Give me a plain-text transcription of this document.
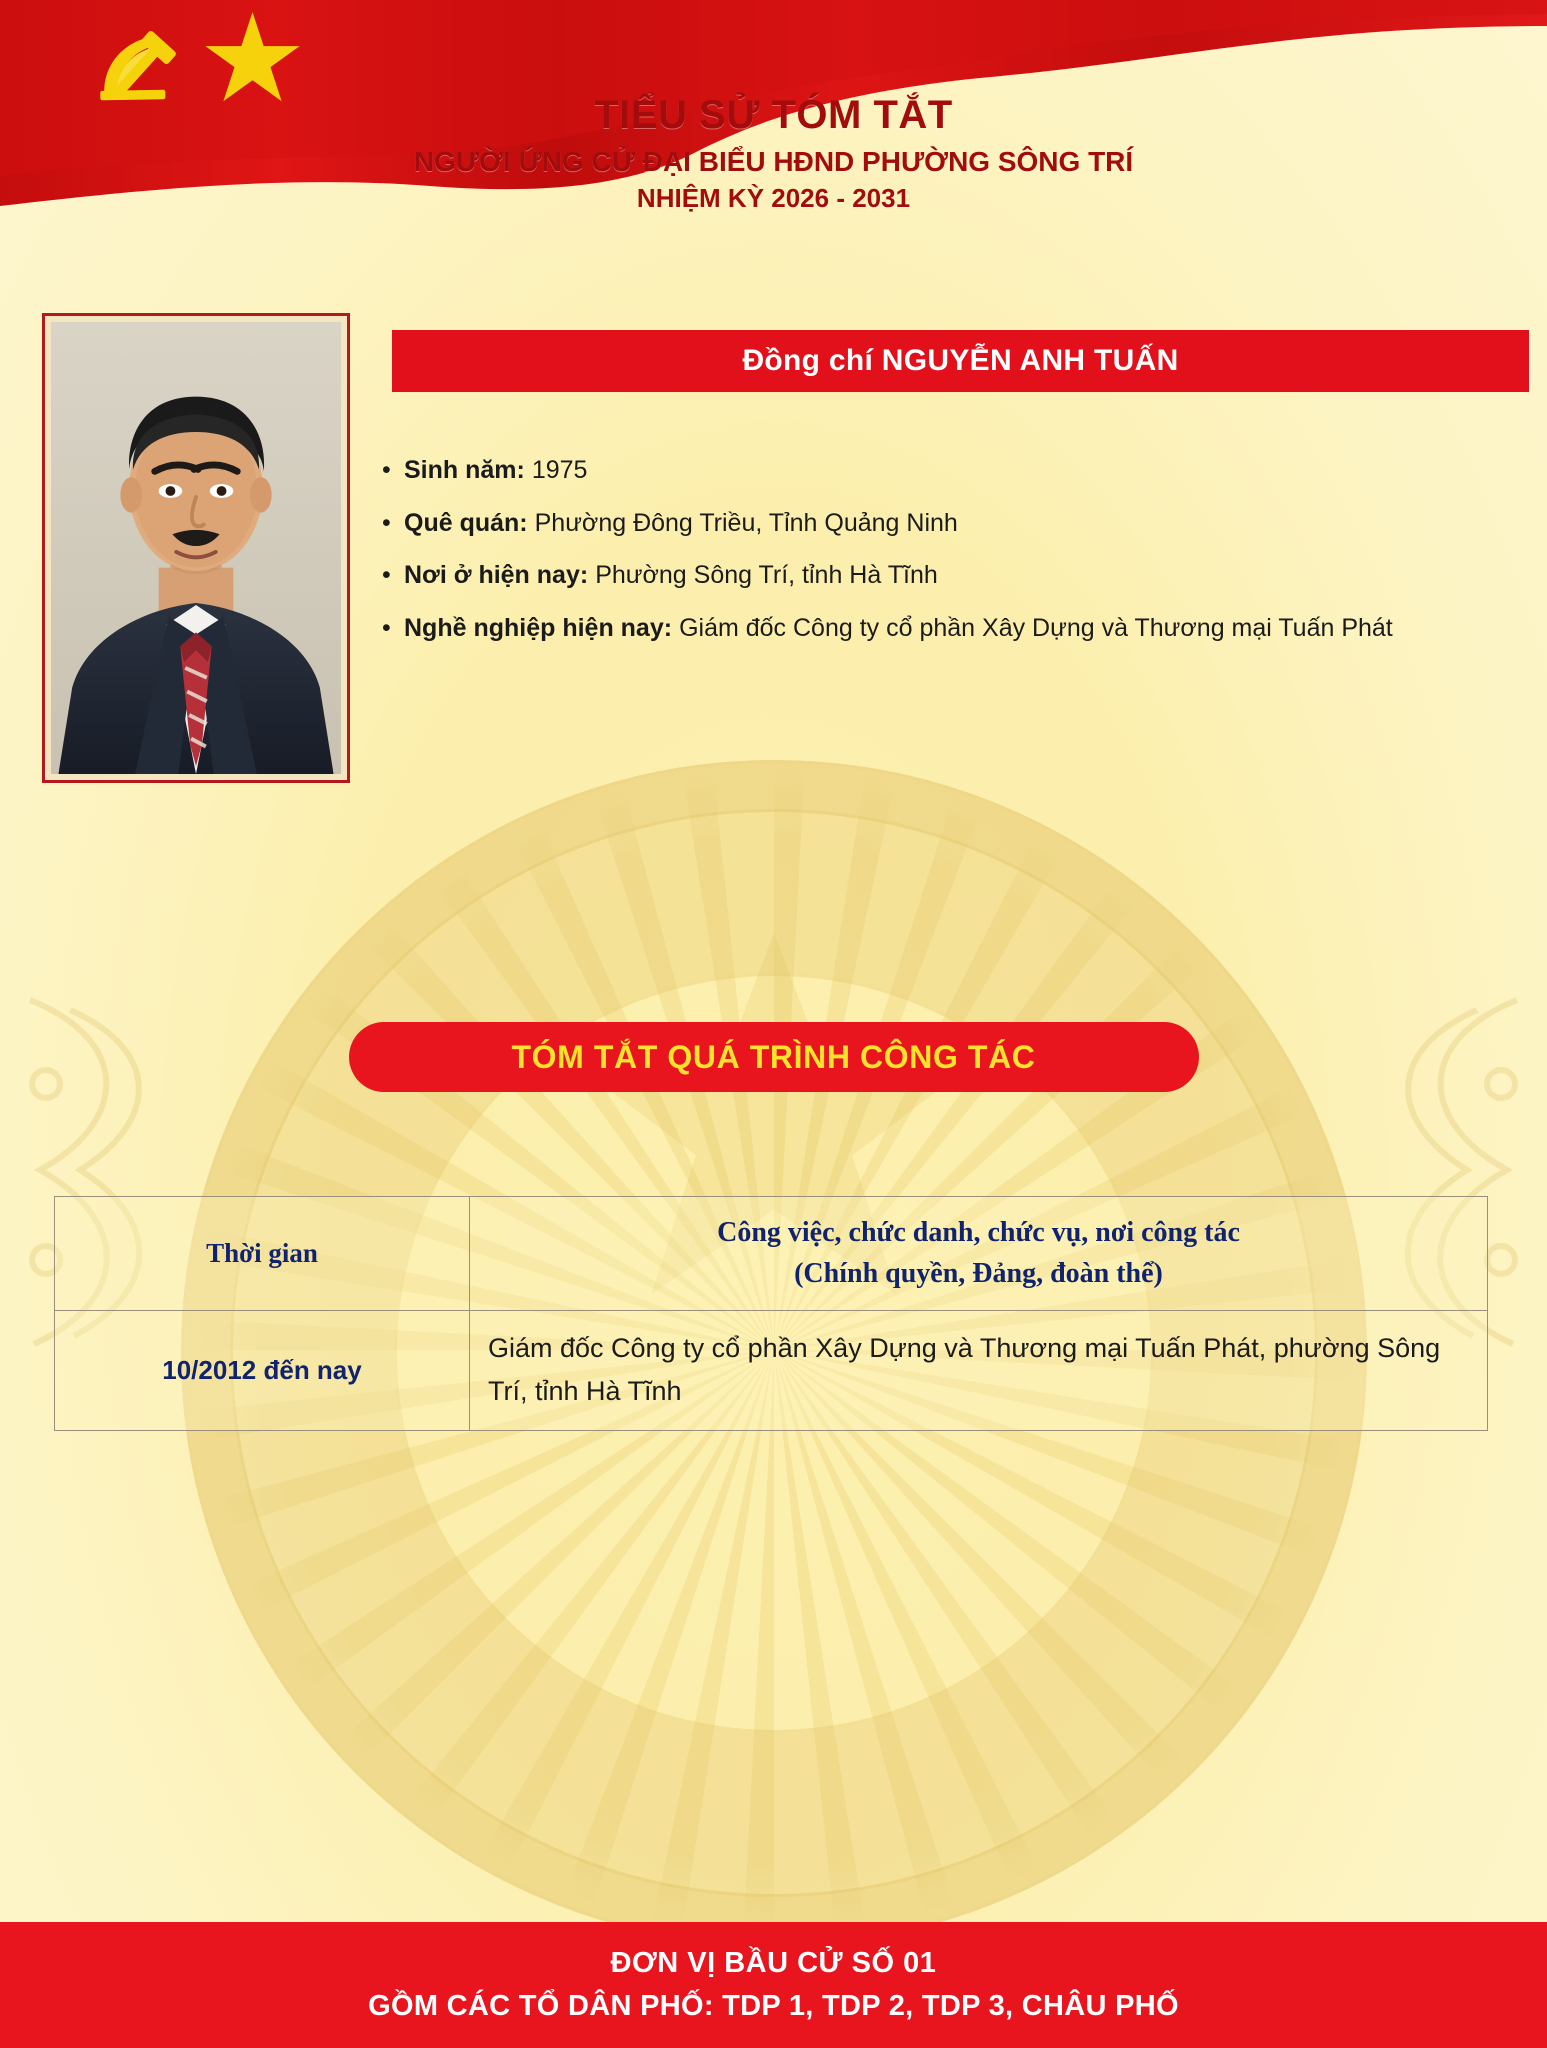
TIỂU SỬ TÓM TẮT
NGƯỜI ỨNG CỬ ĐẠI BIỂU HĐND PHƯỜNG SÔNG TRÍ
NHIỆM KỲ 2026 - 2031
Đồng chí NGUYỄN ANH TUẤN
• Sinh năm: 1975
• Quê quán: Phường Đông Triều, Tỉnh Quảng Ninh
• Nơi ở hiện nay: Phường Sông Trí, tỉnh Hà Tĩnh
• Nghề nghiệp hiện nay: Giám đốc Công ty cổ phần Xây Dựng và Thương mại Tuấn Phát
TÓM TẮT QUÁ TRÌNH CÔNG TÁC
Thời gian	Công việc, chức danh, chức vụ, nơi công tác
(Chính quyền, Đảng, đoàn thể)

10/2012 đến nay	Giám đốc Công ty cổ phần Xây Dựng và Thương mại Tuấn Phát, phường Sông Trí, tỉnh Hà Tĩnh
ĐƠN VỊ BẦU CỬ SỐ 01
GỒM CÁC TỔ DÂN PHỐ: TDP 1, TDP 2, TDP 3, CHÂU PHỐ
